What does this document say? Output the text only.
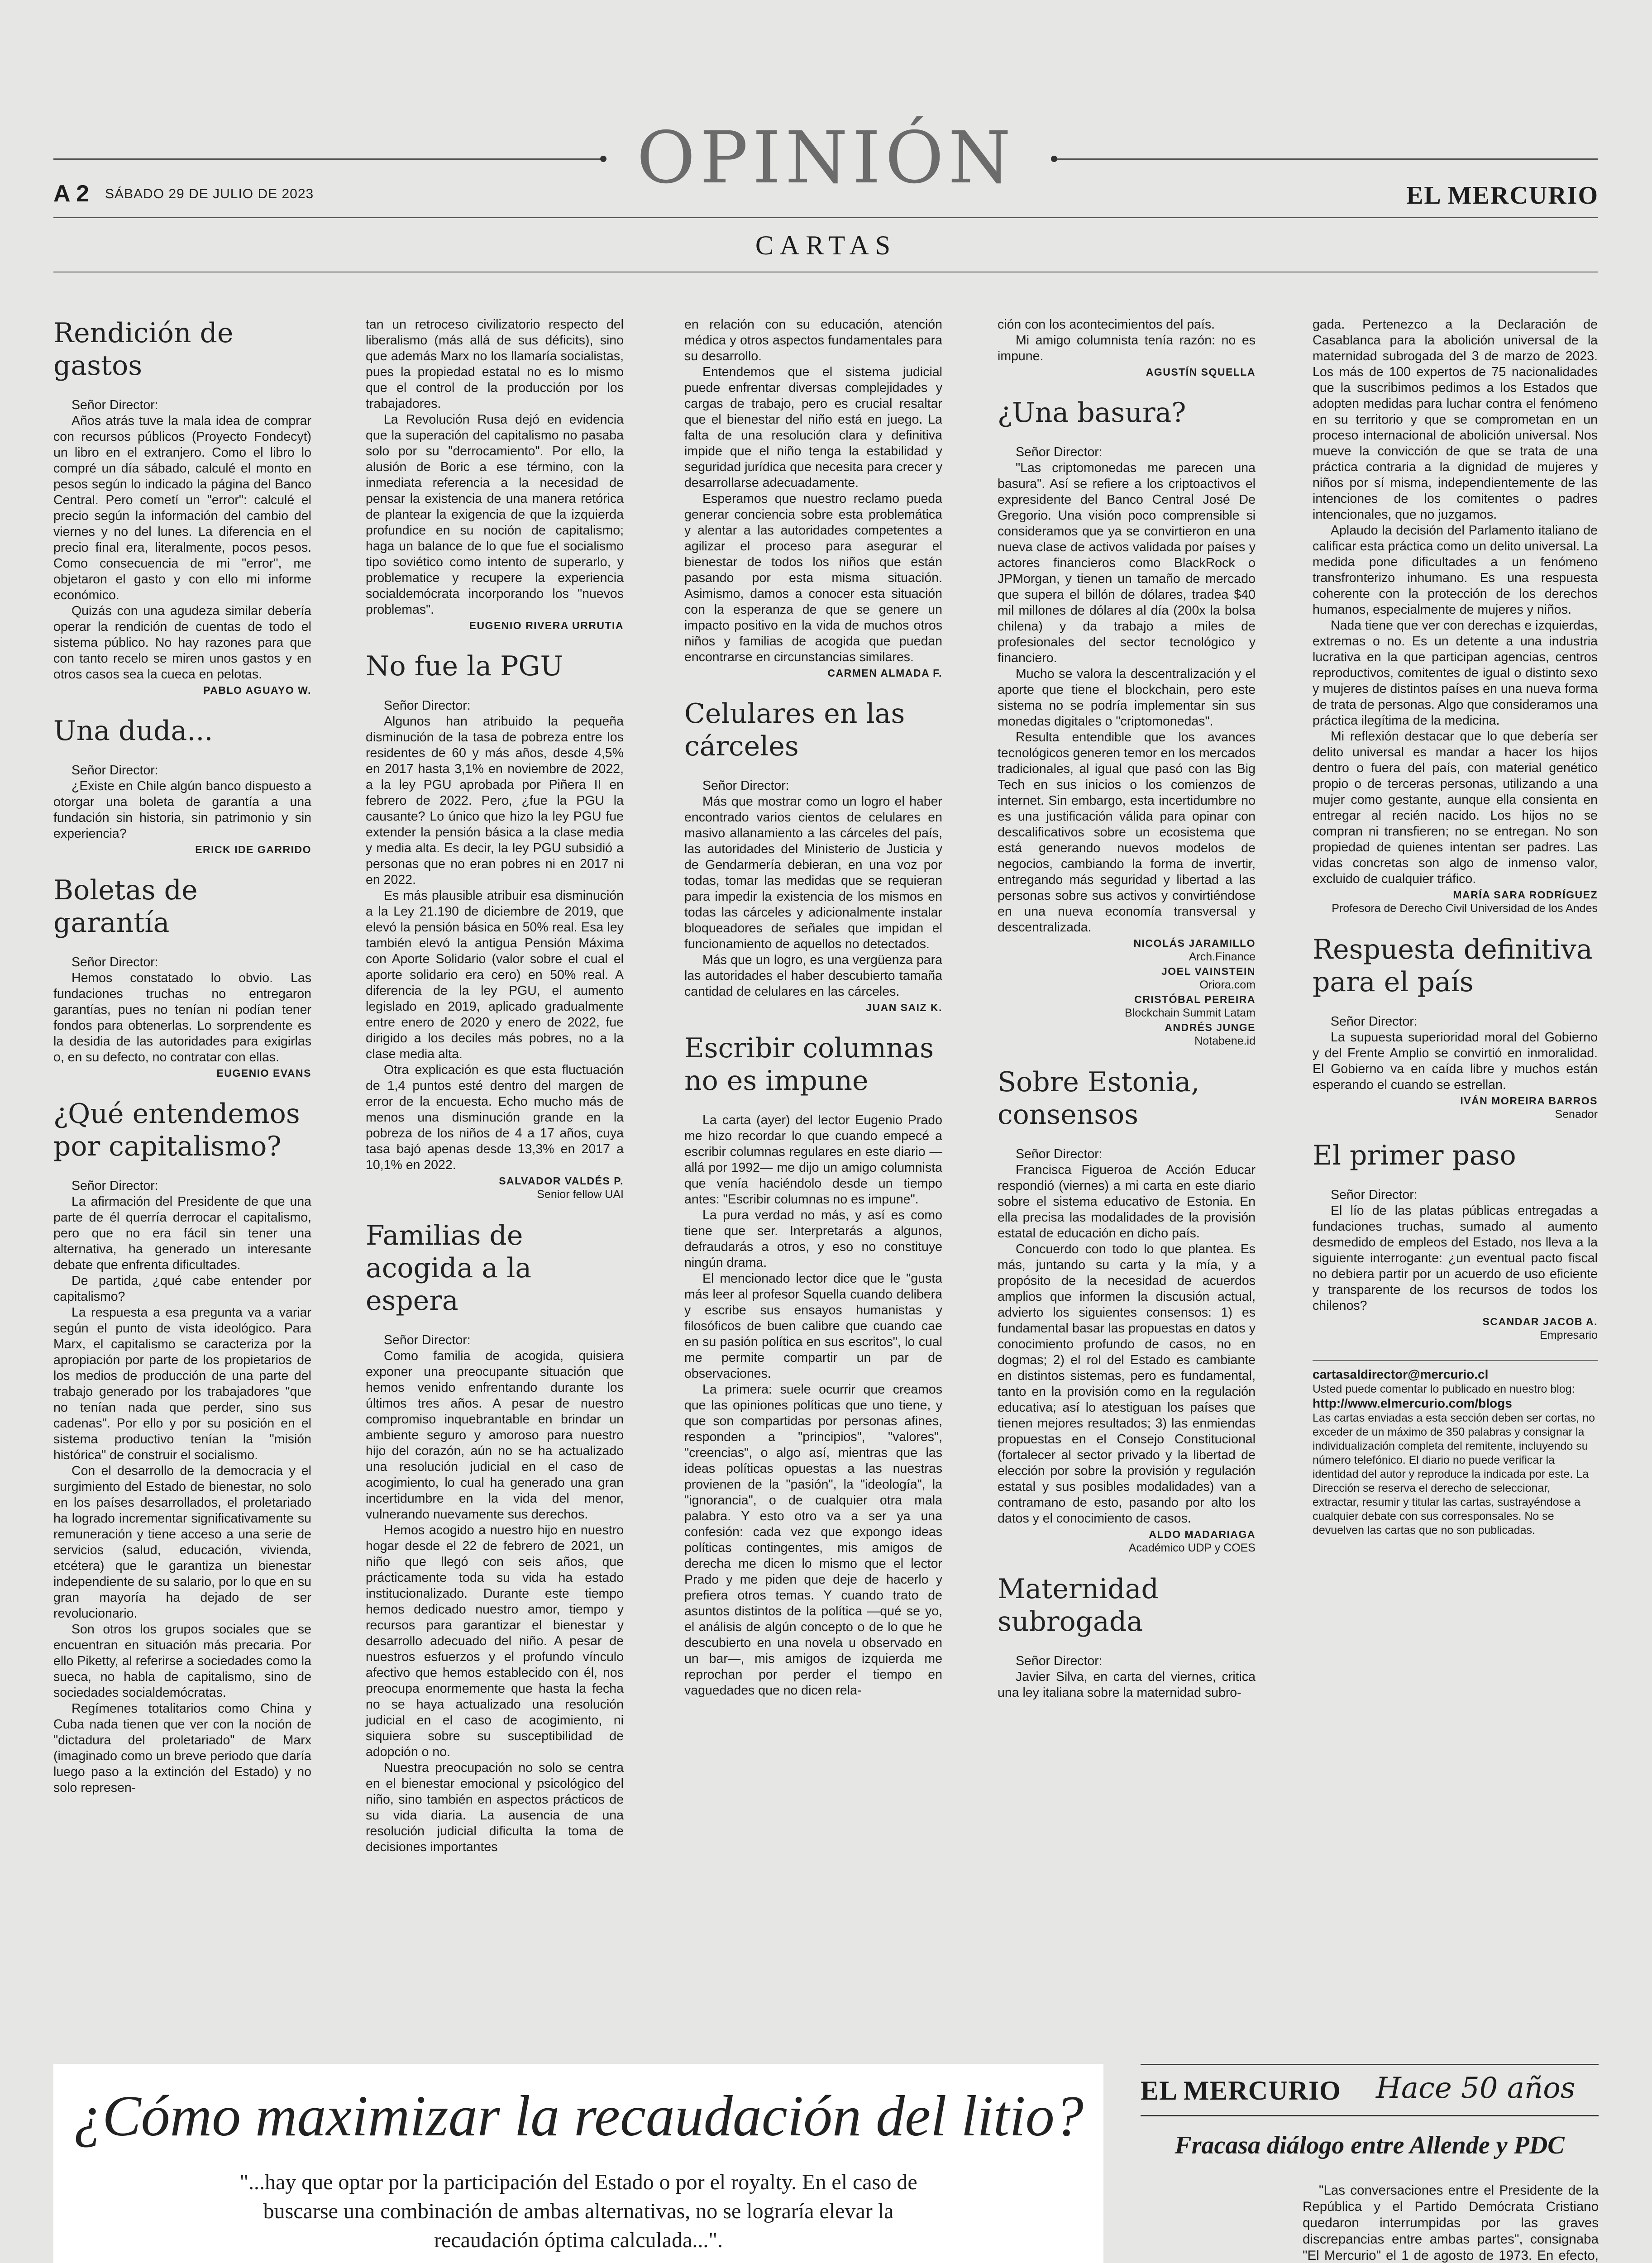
OPINIÓN
A 2 SÁBADO 29 DE JULIO DE 2023	EL MERCURIO
CARTAS
Rendición de gastos

Señor Director:

Años atrás tuve la mala idea de comprar con recursos públicos (Proyecto Fondecyt) un libro en el extranjero. Como el libro lo compré un día sábado, calculé el monto en pesos según lo indicado la página del Banco Central. Pero cometí un "error": calculé el precio según la información del cambio del viernes y no del lunes. La diferencia en el precio final era, literalmente, pocos pesos. Como consecuencia de mi "error", me objetaron el gasto y con ello mi informe económico.

Quizás con una agudeza similar debería operar la rendición de cuentas de todo el sistema público. No hay razones para que con tanto recelo se miren unos gastos y en otros casos sea la cueca en pelotas.

PABLO AGUAYO W.
Una duda...

Señor Director:

¿Existe en Chile algún banco dispuesto a otorgar una boleta de garantía a una fundación sin historia, sin patrimonio y sin experiencia?

ERICK IDE GARRIDO
Boletas de garantía

Señor Director:

Hemos constatado lo obvio. Las fundaciones truchas no entregaron garantías, pues no tenían ni podían tener fondos para obtenerlas. Lo sorprendente es la desidia de las autoridades para exigirlas o, en su defecto, no contratar con ellas.

EUGENIO EVANS
¿Qué entendemos por capitalismo?

Señor Director:

La afirmación del Presidente de que una parte de él querría derrocar el capitalismo, pero que no era fácil sin tener una alternativa, ha generado un interesante debate que enfrenta dificultades.

De partida, ¿qué cabe entender por capitalismo?

La respuesta a esa pregunta va a variar según el punto de vista ideológico. Para Marx, el capitalismo se caracteriza por la apropiación por parte de los propietarios de los medios de producción de una parte del trabajo generado por los trabajadores "que no tenían nada que perder, sino sus cadenas". Por ello y por su posición en el sistema productivo tenían la "misión histórica" de construir el socialismo.

Con el desarrollo de la democracia y el surgimiento del Estado de bienestar, no solo en los países desarrollados, el proletariado ha logrado incrementar significativamente su remuneración y tiene acceso a una serie de servicios (salud, educación, vivienda, etcétera) que le garantiza un bienestar independiente de su salario, por lo que en su gran mayoría ha dejado de ser revolucionario.

Son otros los grupos sociales que se encuentran en situación más precaria. Por ello Piketty, al referirse a sociedades como la sueca, no habla de capitalismo, sino de sociedades socialdemócratas.

Regímenes totalitarios como China y Cuba nada tienen que ver con la noción de "dictadura del proletariado" de Marx (imaginado como un breve periodo que daría luego paso a la extinción del Estado) y no solo represen-

tan un retroceso civilizatorio respecto del liberalismo (más allá de sus déficits), sino que además Marx no los llamaría socialistas, pues la propiedad estatal no es lo mismo que el control de la producción por los trabajadores.

La Revolución Rusa dejó en evidencia que la superación del capitalismo no pasaba solo por su "derrocamiento". Por ello, la alusión de Boric a ese término, con la inmediata referencia a la necesidad de pensar la existencia de una manera retórica de plantear la exigencia de que la izquierda profundice en su noción de capitalismo; haga un balance de lo que fue el socialismo tipo soviético como intento de superarlo, y problematice y recupere la experiencia socialdemócrata incorporando los "nuevos problemas".

EUGENIO RIVERA URRUTIA
No fue la PGU

Señor Director:

Algunos han atribuido la pequeña disminución de la tasa de pobreza entre los residentes de 60 y más años, desde 4,5% en 2017 hasta 3,1% en noviembre de 2022, a la ley PGU aprobada por Piñera II en febrero de 2022. Pero, ¿fue la PGU la causante? Lo único que hizo la ley PGU fue extender la pensión básica a la clase media y media alta. Es decir, la ley PGU subsidió a personas que no eran pobres ni en 2017 ni en 2022.

Es más plausible atribuir esa disminución a la Ley 21.190 de diciembre de 2019, que elevó la pensión básica en 50% real. Esa ley también elevó la antigua Pensión Máxima con Aporte Solidario (valor sobre el cual el aporte solidario era cero) en 50% real. A diferencia de la ley PGU, el aumento legislado en 2019, aplicado gradualmente entre enero de 2020 y enero de 2022, fue dirigido a los deciles más pobres, no a la clase media alta.

Otra explicación es que esta fluctuación de 1,4 puntos esté dentro del margen de error de la encuesta. Echo mucho más de menos una disminución grande en la pobreza de los niños de 4 a 17 años, cuya tasa bajó apenas desde 13,3% en 2017 a 10,1% en 2022.

SALVADOR VALDÉS P.
Senior fellow UAI
Familias de acogida a la espera

Señor Director:

Como familia de acogida, quisiera exponer una preocupante situación que hemos venido enfrentando durante los últimos tres años. A pesar de nuestro compromiso inquebrantable en brindar un ambiente seguro y amoroso para nuestro hijo del corazón, aún no se ha actualizado una resolución judicial en el caso de acogimiento, lo cual ha generado una gran incertidumbre en la vida del menor, vulnerando nuevamente sus derechos.

Hemos acogido a nuestro hijo en nuestro hogar desde el 22 de febrero de 2021, un niño que llegó con seis años, que prácticamente toda su vida ha estado institucionalizado. Durante este tiempo hemos dedicado nuestro amor, tiempo y recursos para garantizar el bienestar y desarrollo adecuado del niño. A pesar de nuestros esfuerzos y el profundo vínculo afectivo que hemos establecido con él, nos preocupa enormemente que hasta la fecha no se haya actualizado una resolución judicial en el caso de acogimiento, ni siquiera sobre su susceptibilidad de adopción o no.

Nuestra preocupación no solo se centra en el bienestar emocional y psicológico del niño, sino también en aspectos prácticos de su vida diaria. La ausencia de una resolución judicial dificulta la toma de decisiones importantes

en relación con su educación, atención médica y otros aspectos fundamentales para su desarrollo.

Entendemos que el sistema judicial puede enfrentar diversas complejidades y cargas de trabajo, pero es crucial resaltar que el bienestar del niño está en juego. La falta de una resolución clara y definitiva impide que el niño tenga la estabilidad y seguridad jurídica que necesita para crecer y desarrollarse adecuadamente.

Esperamos que nuestro reclamo pueda generar conciencia sobre esta problemática y alentar a las autoridades competentes a agilizar el proceso para asegurar el bienestar de todos los niños que están pasando por esta misma situación. Asimismo, damos a conocer esta situación con la esperanza de que se genere un impacto positivo en la vida de muchos otros niños y familias de acogida que puedan encontrarse en circunstancias similares.

CARMEN ALMADA F.
Celulares en las cárceles

Señor Director:

Más que mostrar como un logro el haber encontrado varios cientos de celulares en masivo allanamiento a las cárceles del país, las autoridades del Ministerio de Justicia y de Gendarmería debieran, en una voz por todas, tomar las medidas que se requieran para impedir la existencia de los mismos en todas las cárceles y adicionalmente instalar bloqueadores de señales que impidan el funcionamiento de aquellos no detectados.

Más que un logro, es una vergüenza para las autoridades el haber descubierto tamaña cantidad de celulares en las cárceles.

JUAN SAIZ K.
Escribir columnas no es impune

La carta (ayer) del lector Eugenio Prado me hizo recordar lo que cuando empecé a escribir columnas regulares en este diario —allá por 1992— me dijo un amigo columnista que venía haciéndolo desde un tiempo antes: "Escribir columnas no es impune".

La pura verdad no más, y así es como tiene que ser. Interpretarás a algunos, defraudarás a otros, y eso no constituye ningún drama.

El mencionado lector dice que le "gusta más leer al profesor Squella cuando delibera y escribe sus ensayos humanistas y filosóficos de buen calibre que cuando cae en su pasión política en sus escritos", lo cual me permite compartir un par de observaciones.

La primera: suele ocurrir que creamos que las opiniones políticas que uno tiene, y que son compartidas por personas afines, responden a "principios", "valores", "creencias", o algo así, mientras que las ideas políticas opuestas a las nuestras provienen de la "pasión", la "ideología", la "ignorancia", o de cualquier otra mala palabra. Y esto otro va a ser ya una confesión: cada vez que expongo ideas políticas contingentes, mis amigos de derecha me dicen lo mismo que el lector Prado y me piden que deje de hacerlo y prefiera otros temas. Y cuando trato de asuntos distintos de la política —qué se yo, el análisis de algún concepto o de lo que he descubierto en una novela u observado en un bar—, mis amigos de izquierda me reprochan por perder el tiempo en vaguedades que no dicen rela-

ción con los acontecimientos del país.

Mi amigo columnista tenía razón: no es impune.

AGUSTÍN SQUELLA
¿Una basura?

Señor Director:

"Las criptomonedas me parecen una basura". Así se refiere a los criptoactivos el expresidente del Banco Central José De Gregorio. Una visión poco comprensible si consideramos que ya se convirtieron en una nueva clase de activos validada por países y actores financieros como BlackRock o JPMorgan, y tienen un tamaño de mercado que supera el billón de dólares, tradea $40 mil millones de dólares al día (200x la bolsa chilena) y da trabajo a miles de profesionales del sector tecnológico y financiero.

Mucho se valora la descentralización y el aporte que tiene el blockchain, pero este sistema no se podría implementar sin sus monedas digitales o "criptomonedas".

Resulta entendible que los avances tecnológicos generen temor en los mercados tradicionales, al igual que pasó con las Big Tech en sus inicios o los comienzos de internet. Sin embargo, esta incertidumbre no es una justificación válida para opinar con descalificativos sobre un ecosistema que está generando nuevos modelos de negocios, cambiando la forma de invertir, entregando más seguridad y libertad a las personas sobre sus activos y convirtiéndose en una nueva economía transversal y descentralizada.

NICOLÁS JARAMILLO
Arch.Finance
JOEL VAINSTEIN
Oriora.com
CRISTÓBAL PEREIRA
Blockchain Summit Latam
ANDRÉS JUNGE
Notabene.id
Sobre Estonia, consensos

Señor Director:

Francisca Figueroa de Acción Educar respondió (viernes) a mi carta en este diario sobre el sistema educativo de Estonia. En ella precisa las modalidades de la provisión estatal de educación en dicho país.

Concuerdo con todo lo que plantea. Es más, juntando su carta y la mía, y a propósito de la necesidad de acuerdos amplios que informen la discusión actual, advierto los siguientes consensos: 1) es fundamental basar las propuestas en datos y conocimiento profundo de casos, no en dogmas; 2) el rol del Estado es cambiante en distintos sistemas, pero es fundamental, tanto en la provisión como en la regulación educativa; así lo atestiguan los países que tienen mejores resultados; 3) las enmiendas propuestas en el Consejo Constitucional (fortalecer al sector privado y la libertad de elección por sobre la provisión y regulación estatal y sus posibles modalidades) van a contramano de esto, pasando por alto los datos y el conocimiento de casos.

ALDO MADARIAGA
Académico UDP y COES
Maternidad subrogada

Señor Director:

Javier Silva, en carta del viernes, critica una ley italiana sobre la maternidad subro-

gada. Pertenezco a la Declaración de Casablanca para la abolición universal de la maternidad subrogada del 3 de marzo de 2023. Los más de 100 expertos de 75 nacionalidades que la suscribimos pedimos a los Estados que adopten medidas para luchar contra el fenómeno en su territorio y que se comprometan en un proceso internacional de abolición universal. Nos mueve la convicción de que se trata de una práctica contraria a la dignidad de mujeres y niños por sí misma, independientemente de las intenciones de los comitentes o padres intencionales, que no juzgamos.

Aplaudo la decisión del Parlamento italiano de calificar esta práctica como un delito universal. La medida pone dificultades a un fenómeno transfronterizo inhumano. Es una respuesta coherente con la protección de los derechos humanos, especialmente de mujeres y niños.

Nada tiene que ver con derechas e izquierdas, extremas o no. Es un detente a una industria lucrativa en la que participan agencias, centros reproductivos, comitentes de igual o distinto sexo y mujeres de distintos países en una nueva forma de trata de personas. Algo que consideramos una práctica ilegítima de la medicina.

Mi reflexión destacar que lo que debería ser delito universal es mandar a hacer los hijos dentro o fuera del país, con material genético propio o de terceras personas, utilizando a una mujer como gestante, aunque ella consienta en entregar al recién nacido. Los hijos no se compran ni transfieren; no se entregan. No son propiedad de quienes intentan ser padres. Las vidas concretas son algo de inmenso valor, excluido de cualquier tráfico.

MARÍA SARA RODRÍGUEZ
Profesora de Derecho Civil Universidad de los Andes
Respuesta definitiva para el país

Señor Director:

La supuesta superioridad moral del Gobierno y del Frente Amplio se convirtió en inmoralidad. El Gobierno va en caída libre y muchos están esperando el cuando se estrellan.

IVÁN MOREIRA BARROS
Senador
El primer paso

Señor Director:

El lío de las platas públicas entregadas a fundaciones truchas, sumado al aumento desmedido de empleos del Estado, nos lleva a la siguiente interrogante: ¿un eventual pacto fiscal no debiera partir por un acuerdo de uso eficiente y transparente de los recursos de todos los chilenos?

SCANDAR JACOB A.
Empresario
cartasaldirector@mercurio.cl
Usted puede comentar lo publicado en nuestro blog:
http://www.elmercurio.com/blogs
Las cartas enviadas a esta sección deben ser cortas, no exceder de un máximo de 350 palabras y consignar la individualización completa del remitente, incluyendo su número telefónico. El diario no puede verificar la identidad del autor y reproduce la indicada por este. La Dirección se reserva el derecho de seleccionar, extractar, resumir y titular las cartas, sustrayéndose a cualquier debate con sus corresponsales. No se devuelven las cartas que no son publicadas.
¿Cómo maximizar la recaudación del litio?
"...hay que optar por la participación del Estado o por el royalty. En el caso de buscarse una combinación de ambas alternativas, no se lograría elevar la recaudación óptima calculada...".

EL MERCURIO Hace 50 años
Fracasa diálogo entre Allende y PDC

"Las conversaciones entre el Presidente de la República y el Partido Demócrata Cristiano quedaron interrumpidas por las graves discrepancias entre ambas partes", consignaba "El Mercurio" el 1 de agosto de 1973. En efecto,
